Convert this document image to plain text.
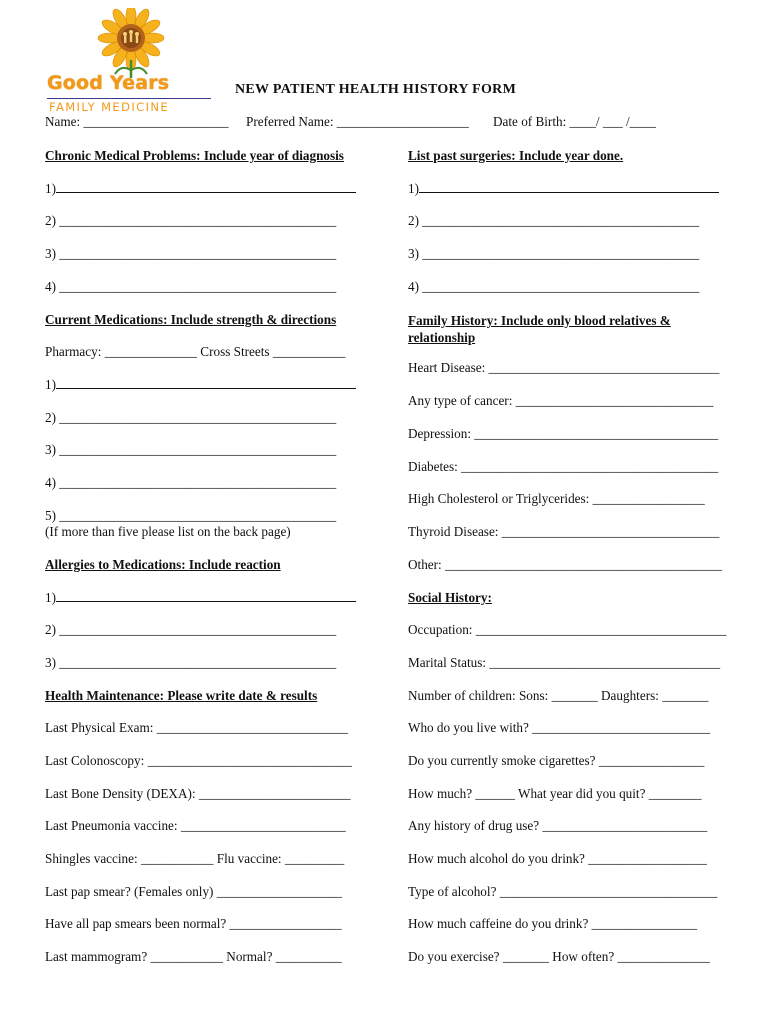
Good Years
FAMILY MEDICINE
NEW PATIENT HEALTH HISTORY FORM
Name: ______________________ Preferred Name: ____________________ Date of Birth: ____/ ___ /____
Chronic Medical Problems: Include year of diagnosis
1)
2) __________________________________________
3) __________________________________________
4) __________________________________________
List past surgeries: Include year done.
1)
2) __________________________________________
3) __________________________________________
4) __________________________________________
Current Medications: Include strength & directions
Pharmacy: ______________ Cross Streets ___________
1)
2) __________________________________________
3) __________________________________________
4) __________________________________________
5) __________________________________________
(If more than five please list on the back page)
Family History: Include only blood relatives & relationship
Heart Disease: ___________________________________
Any type of cancer: ______________________________
Depression: _____________________________________
Diabetes: _______________________________________
High Cholesterol or Triglycerides: _________________
Thyroid Disease: _________________________________
Other: __________________________________________
Allergies to Medications: Include reaction
1)
2) __________________________________________
3) __________________________________________
Social History:
Occupation: ______________________________________
Marital Status: ___________________________________
Number of children: Sons: _______ Daughters: _______
Who do you live with? ___________________________
Do you currently smoke cigarettes? ________________
How much? ______ What year did you quit? ________
Any history of drug use? _________________________
How much alcohol do you drink? __________________
Type of alcohol? _________________________________
How much caffeine do you drink? ________________
Do you exercise? _______ How often? ______________
Health Maintenance: Please write date & results
Last Physical Exam: _____________________________
Last Colonoscopy: _______________________________
Last Bone Density (DEXA): _______________________
Last Pneumonia vaccine: _________________________
Shingles vaccine: ___________ Flu vaccine: _________
Last pap smear? (Females only) ___________________
Have all pap smears been normal? _________________
Last mammogram? ___________ Normal? __________
